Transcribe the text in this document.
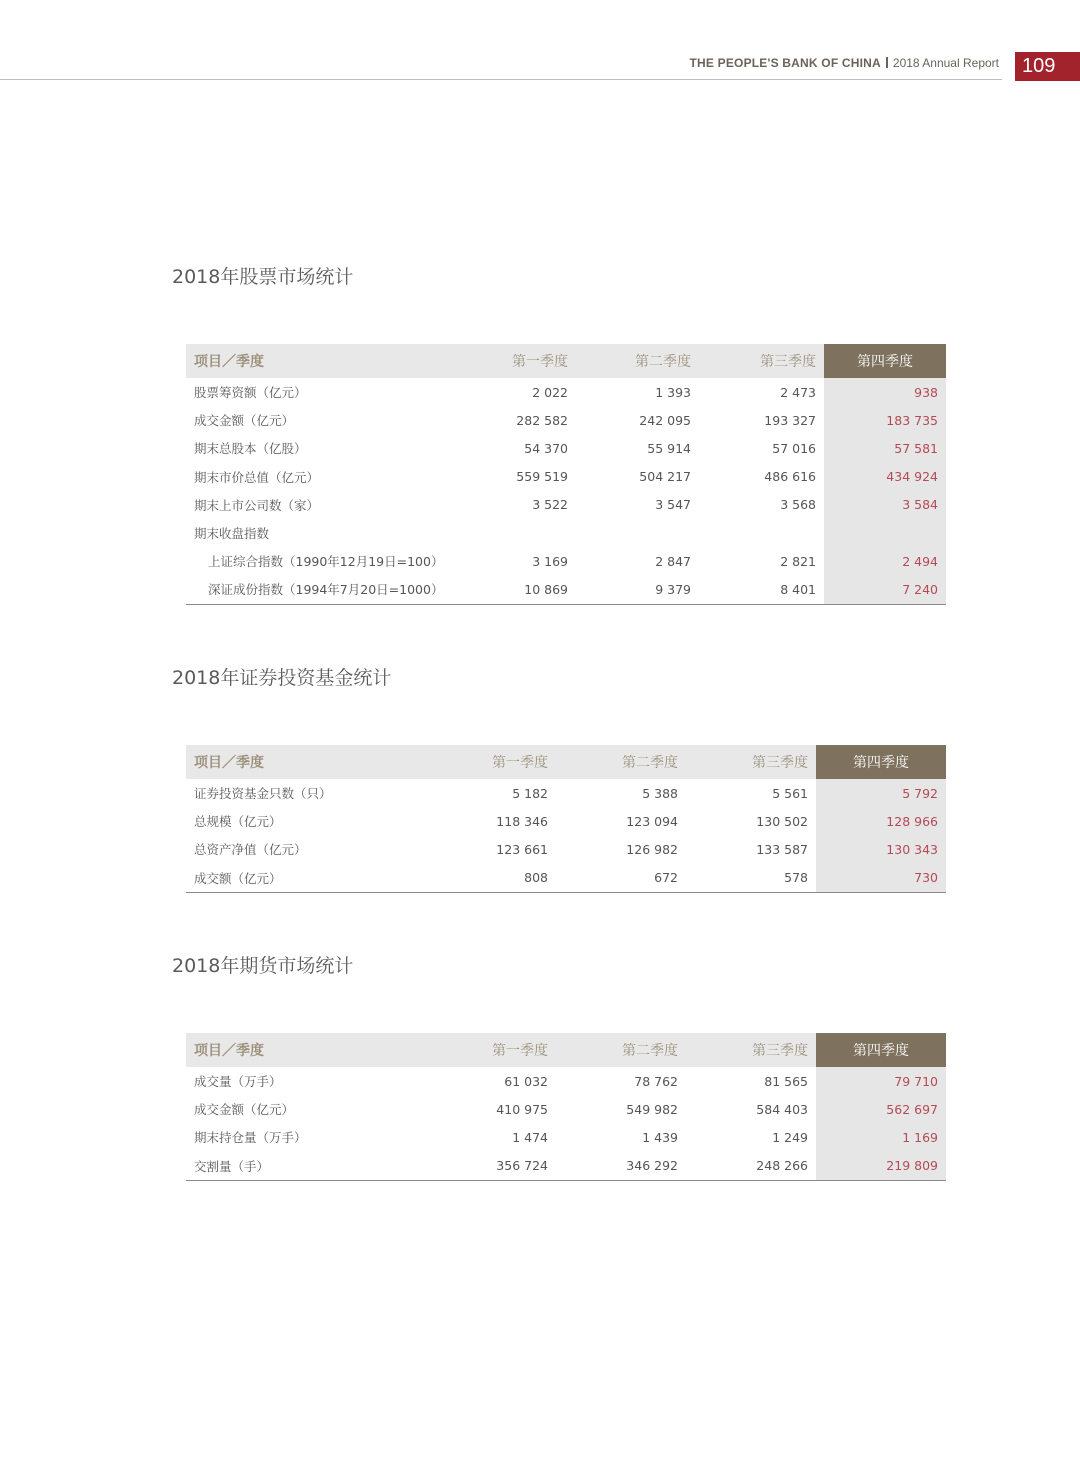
THE PEOPLE'S BANK OF CHINA 2018 Annual Report	109
2018年股票市场统计
项目／季度	第一季度	第二季度	第三季度	第四季度
股票筹资额（亿元）	2 022	1 393	2 473	938
成交金额（亿元）	282 582	242 095	193 327	183 735
期末总股本（亿股）	54 370	55 914	57 016	57 581
期末市价总值（亿元）	559 519	504 217	486 616	434 924
期末上市公司数（家）	3 522	3 547	3 568	3 584
期末收盘指数				
上证综合指数（1990年12月19日=100）	3 169	2 847	2 821	2 494
深证成份指数（1994年7月20日=1000）	10 869	9 379	8 401	7 240
2018年证券投资基金统计
项目／季度	第一季度	第二季度	第三季度	第四季度
证券投资基金只数（只）	5 182	5 388	5 561	5 792
总规模（亿元）	118 346	123 094	130 502	128 966
总资产净值（亿元）	123 661	126 982	133 587	130 343
成交额（亿元）	808	672	578	730
2018年期货市场统计
项目／季度	第一季度	第二季度	第三季度	第四季度
成交量（万手）	61 032	78 762	81 565	79 710
成交金额（亿元）	410 975	549 982	584 403	562 697
期末持仓量（万手）	1 474	1 439	1 249	1 169
交割量（手）	356 724	346 292	248 266	219 809
